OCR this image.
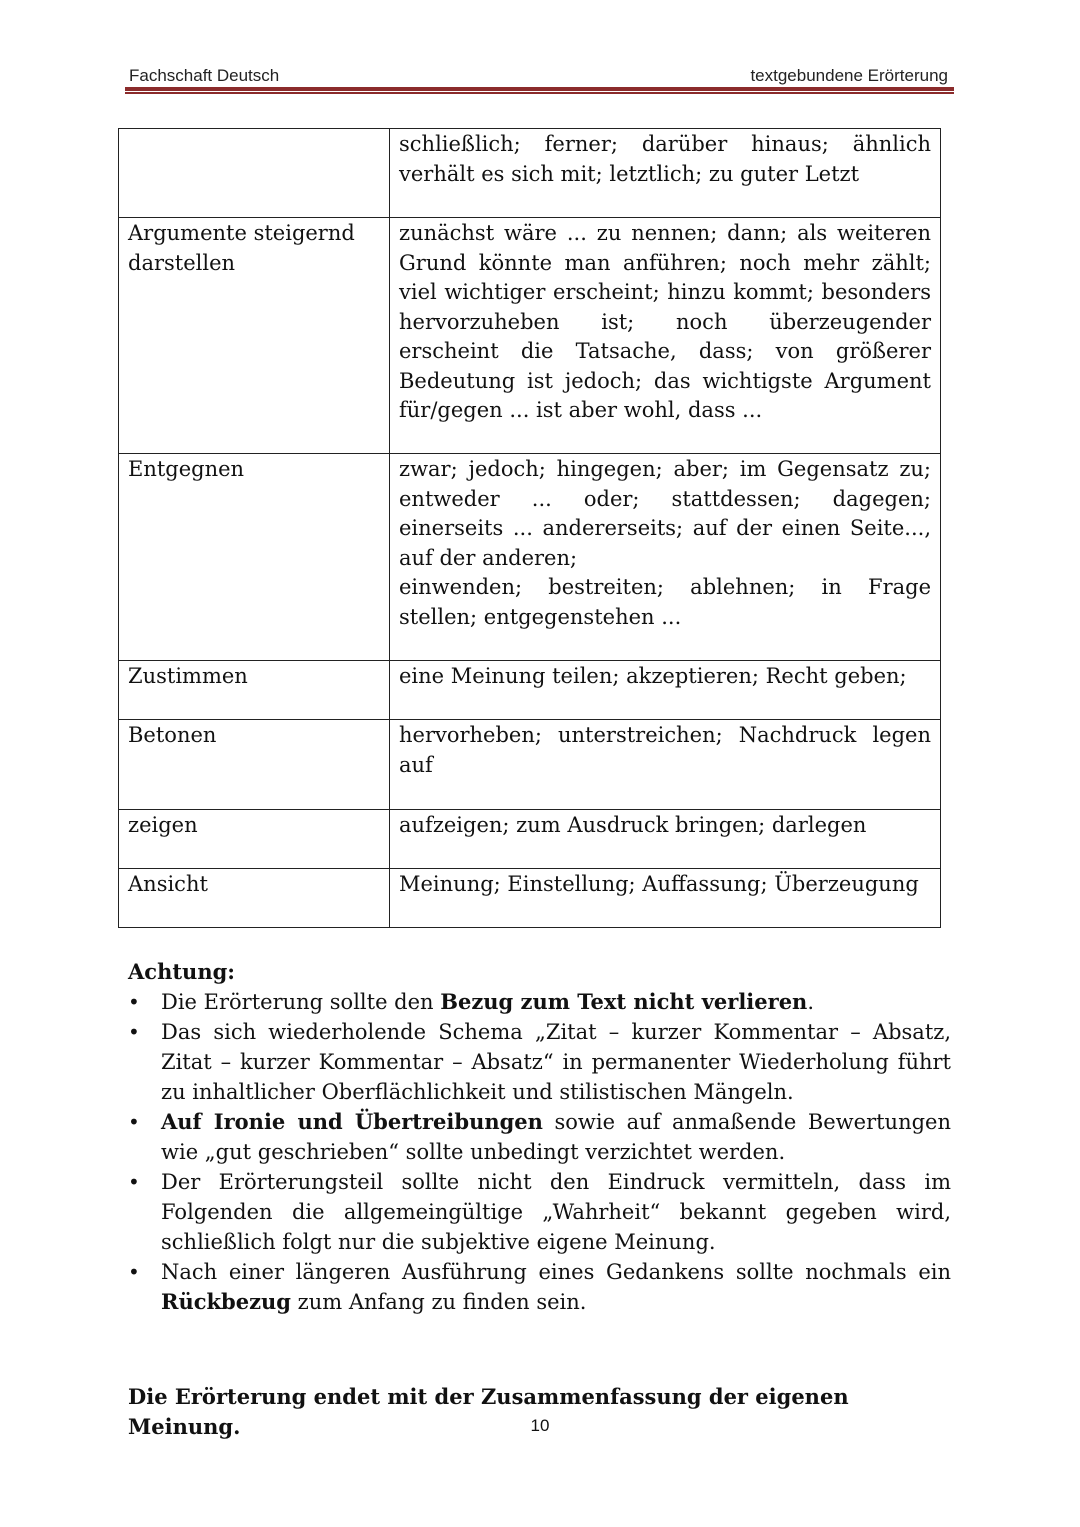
Fachschaft Deutsch	textgebundene Erörterung

	schließlich; ferner; darüber hinaus; ähnlich verhält es sich mit; letztlich; zu guter Letzt

Argumente steigernd darstellen	zunächst wäre ... zu nennen; dann; als weiteren Grund könnte man anführen; noch mehr zählt; viel wichtiger erscheint; hinzu kommt; besonders hervorzuheben ist; noch überzeugender erscheint die Tatsache, dass; von größerer Bedeutung ist jedoch; das wichtigste Argument für/gegen ... ist aber wohl, dass ...

Entgegnen	zwar; jedoch; hingegen; aber; im Gegensatz zu; entweder ... oder; stattdessen; dagegen; einerseits ... andererseits; auf der einen Seite..., auf der anderen;
einwenden; bestreiten; ablehnen; in Frage stellen; entgegenstehen ...

Zustimmen	eine Meinung teilen; akzeptieren; Recht geben;

Betonen	hervorheben; unterstreichen; Nachdruck legen auf

zeigen	aufzeigen; zum Ausdruck bringen; darlegen

Ansicht	Meinung; Einstellung; Auffassung; Überzeugung
Achtung:
• Die Erörterung sollte den Bezug zum Text nicht verlieren.
• Das sich wiederholende Schema „Zitat – kurzer Kommentar – Absatz, Zitat – kurzer Kommentar – Absatz“ in permanenter Wiederholung führt zu inhaltlicher Oberflächlichkeit und stilistischen Mängeln.
• Auf Ironie und Übertreibungen sowie auf anmaßende Bewertungen wie „gut geschrieben“ sollte unbedingt verzichtet werden.
• Der Erörterungsteil sollte nicht den Eindruck vermitteln, dass im Folgenden die allgemeingültige „Wahrheit“ bekannt gegeben wird, schließlich folgt nur die subjektive eigene Meinung.
• Nach einer längeren Ausführung eines Gedankens sollte nochmals ein Rückbezug zum Anfang zu finden sein.
Die Erörterung endet mit der Zusammenfassung der eigenen Meinung.	10
